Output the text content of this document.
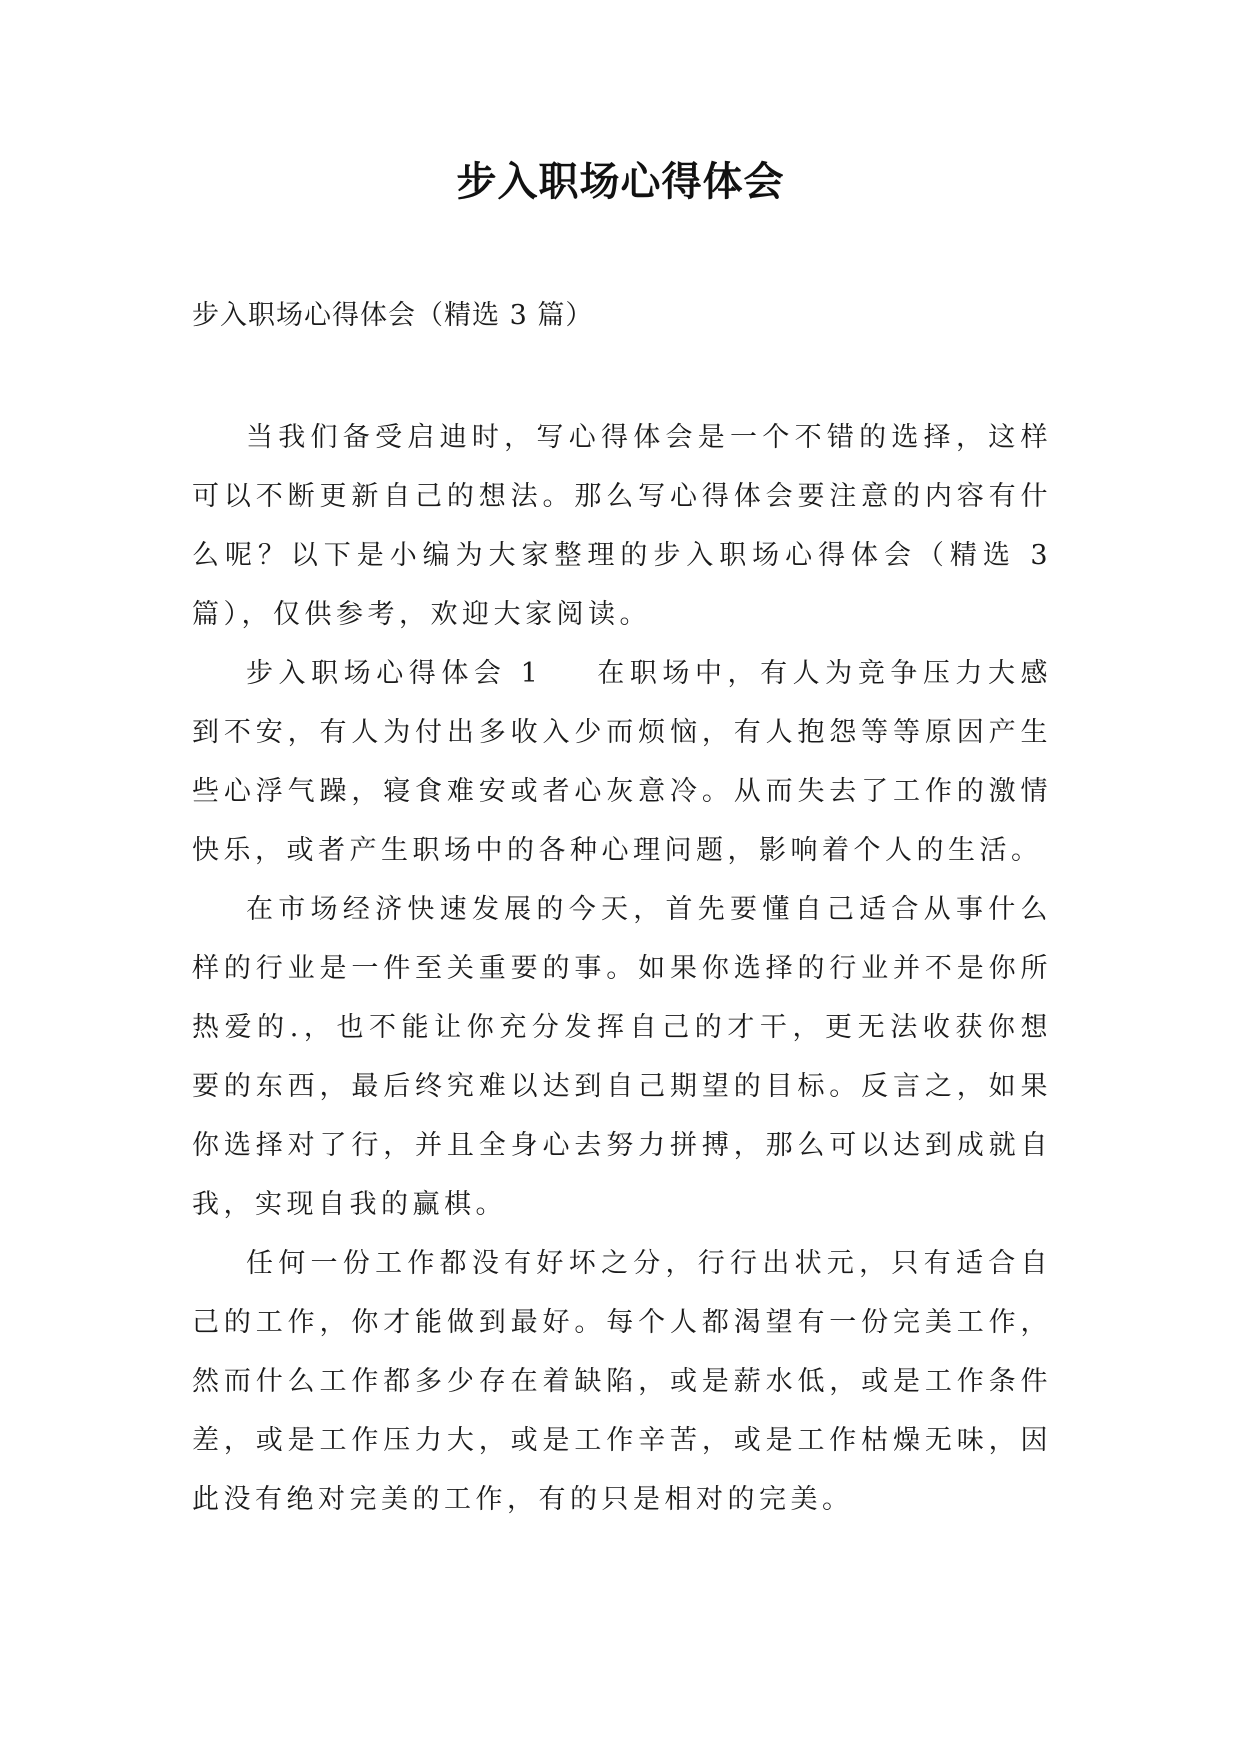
步入职场心得体会
步入职场心得体会（精选 3 篇）

当我们备受启迪时，写心得体会是一个不错的选择，这样可以不断更新自己的想法。那么写心得体会要注意的内容有什么呢？以下是小编为大家整理的步入职场心得体会（精选 3 篇），仅供参考，欢迎大家阅读。

步入职场心得体会 1 在职场中，有人为竞争压力大感到不安，有人为付出多收入少而烦恼，有人抱怨等等原因产生些心浮气躁，寝食难安或者心灰意冷。从而失去了工作的激情快乐，或者产生职场中的各种心理问题，影响着个人的生活。

在市场经济快速发展的今天，首先要懂自己适合从事什么样的行业是一件至关重要的事。如果你选择的行业并不是你所热爱的.，也不能让你充分发挥自己的才干，更无法收获你想要的东西，最后终究难以达到自己期望的目标。反言之，如果你选择对了行，并且全身心去努力拼搏，那么可以达到成就自我，实现自我的赢棋。

任何一份工作都没有好坏之分，行行出状元，只有适合自己的工作，你才能做到最好。每个人都渴望有一份完美工作，然而什么工作都多少存在着缺陷，或是薪水低，或是工作条件差，或是工作压力大，或是工作辛苦，或是工作枯燥无味，因此没有绝对完美的工作，有的只是相对的完美。
